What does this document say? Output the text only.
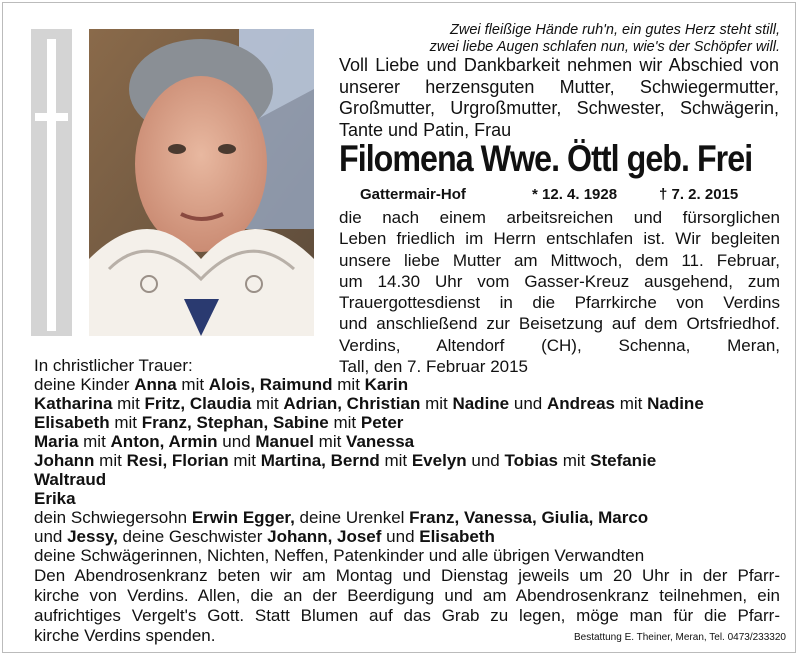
Zwei fleißige Hände ruh'n, ein gutes Herz steht still,
zwei liebe Augen schlafen nun, wie's der Schöpfer will.
Voll Liebe und Dankbarkeit nehmen wir Abschied von
unserer herzensguten Mutter, Schwiegermutter,
Großmutter, Urgroßmutter, Schwester, Schwägerin,
Tante und Patin, Frau
Filomena Wwe. Öttl geb. Frei
Gattermair-Hof	* 12. 4. 1928	† 7. 2. 2015
die nach einem arbeitsreichen und fürsorglichen
Leben friedlich im Herrn entschlafen ist. Wir begleiten
unsere liebe Mutter am Mittwoch, dem 11. Februar,
um 14.30 Uhr vom Gasser-Kreuz ausgehend, zum
Trauergottesdienst in die Pfarrkirche von Verdins
und anschließend zur Beisetzung auf dem Ortsfriedhof.
Verdins, Altendorf (CH), Schenna, Meran,
Tall, den 7. Februar 2015
In christlicher Trauer:
deine Kinder Anna mit Alois, Raimund mit Karin
Katharina mit Fritz, Claudia mit Adrian, Christian mit Nadine und Andreas mit Nadine
Elisabeth mit Franz, Stephan, Sabine mit Peter
Maria mit Anton, Armin und Manuel mit Vanessa
Johann mit Resi, Florian mit Martina, Bernd mit Evelyn und Tobias mit Stefanie
Waltraud
Erika
dein Schwiegersohn Erwin Egger, deine Urenkel Franz, Vanessa, Giulia, Marco
und Jessy, deine Geschwister Johann, Josef und Elisabeth
deine Schwägerinnen, Nichten, Neffen, Patenkinder und alle übrigen Verwandten
Den Abendrosenkranz beten wir am Montag und Dienstag jeweils um 20 Uhr in der Pfarr-
kirche von Verdins. Allen, die an der Beerdigung und am Abendrosenkranz teilnehmen, ein
aufrichtiges Vergelt's Gott. Statt Blumen auf das Grab zu legen, möge man für die Pfarr-
kirche Verdins spenden.	Bestattung E. Theiner, Meran, Tel. 0473/233320
